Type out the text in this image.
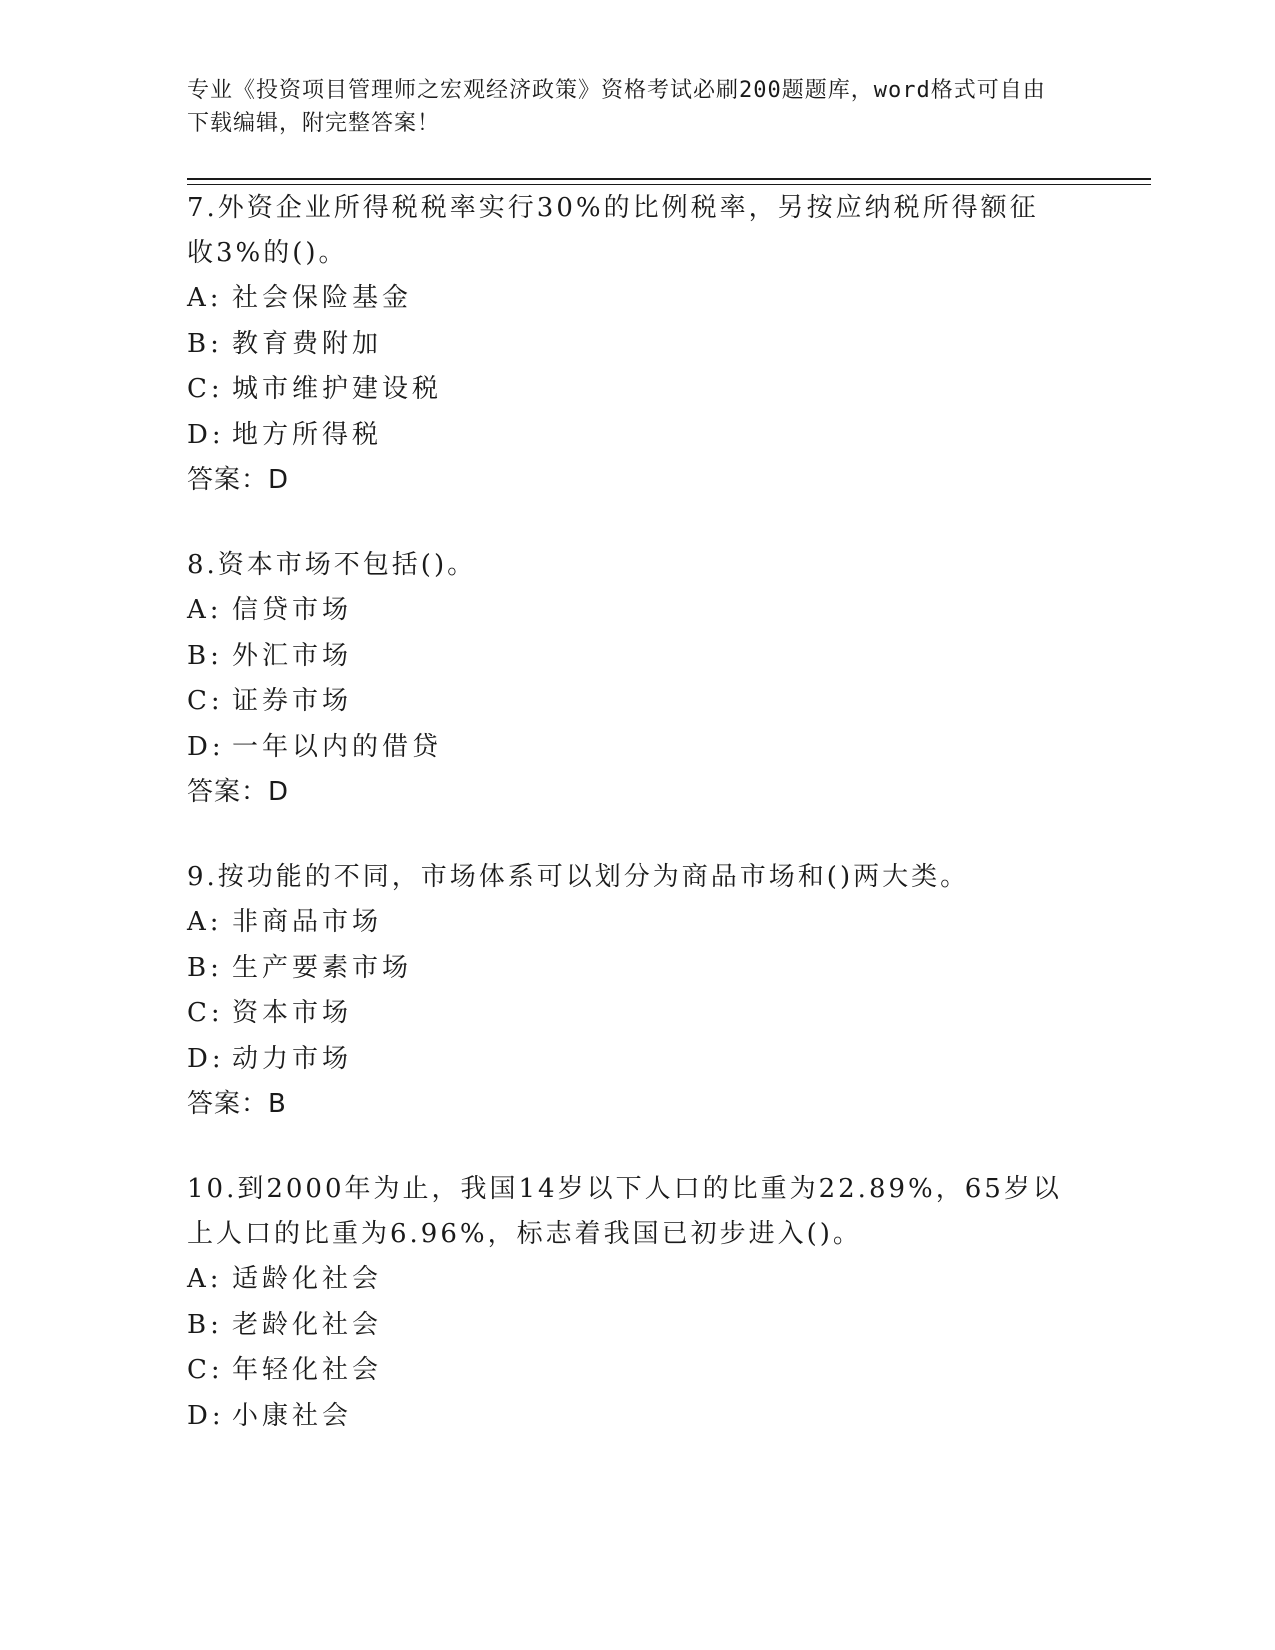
专业《投资项目管理师之宏观经济政策》资格考试必刷200题题库，word格式可自由下载编辑，附完整答案！
7.外资企业所得税税率实行30%的比例税率，另按应纳税所得额征收3%的()。
A: 社会保险基金
B: 教育费附加
C: 城市维护建设税
D: 地方所得税
答案：D
8.资本市场不包括()。
A: 信贷市场
B: 外汇市场
C: 证券市场
D: 一年以内的借贷
答案：D
9.按功能的不同，市场体系可以划分为商品市场和()两大类。
A: 非商品市场
B: 生产要素市场
C: 资本市场
D: 动力市场
答案：B
10.到2000年为止，我国14岁以下人口的比重为22.89%，65岁以上人口的比重为6.96%，标志着我国已初步进入()。
A: 适龄化社会
B: 老龄化社会
C: 年轻化社会
D: 小康社会
